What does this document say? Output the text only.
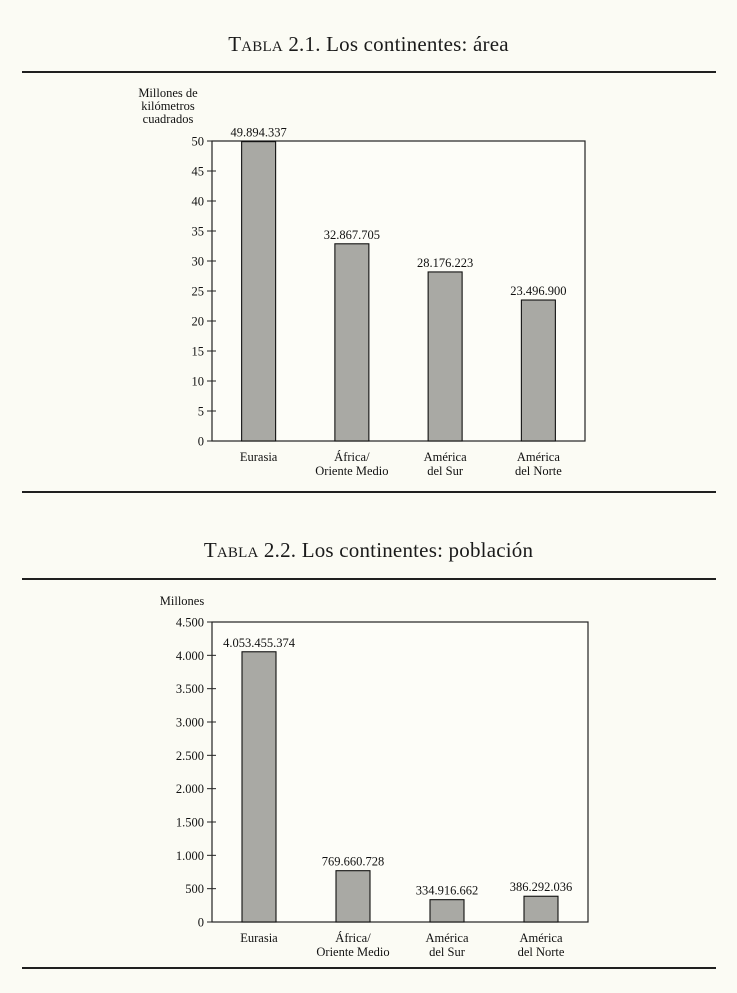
Tabla 2.1. Los continentes: área
Millones de
kilómetros
cuadrados
0
5
10
15
20
25
30
35
40
45
50
49.894.337
Eurasia
32.867.705
África/
Oriente Medio
28.176.223
América
del Sur
23.496.900
América
del Norte
Tabla 2.2. Los continentes: población
Millones
0
500
1.000
1.500
2.000
2.500
3.000
3.500
4.000
4.500
4.053.455.374
Eurasia
769.660.728
África/
Oriente Medio
334.916.662
América
del Sur
386.292.036
América
del Norte
